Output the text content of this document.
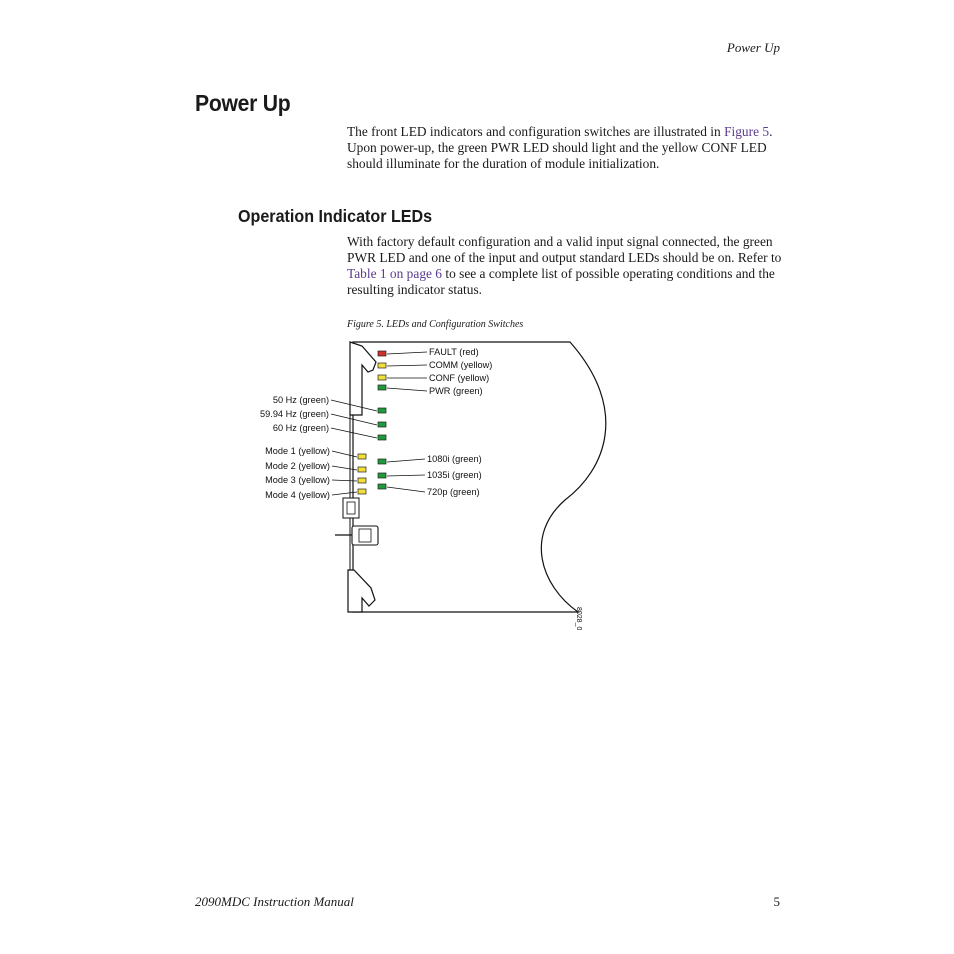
Power Up
Power Up

The front LED indicators and configuration switches are illustrated in Figure 5. Upon power-up, the green PWR LED should light and the yellow CONF LED should illuminate for the duration of module initialization.

Operation Indicator LEDs

With factory default configuration and a valid input signal connected, the green PWR LED and one of the input and output standard LEDs should be on. Refer to Table 1 on page 6 to see a complete list of possible operating conditions and the resulting indicator status.

Figure 5. LEDs and Configuration Switches

8028_01
FAULT (red)
COMM (yellow)
CONF (yellow)
PWR (green)
50 Hz (green)
59.94 Hz (green)
60 Hz (green)
Mode 1 (yellow)
Mode 2 (yellow)
Mode 3 (yellow)
Mode 4 (yellow)
1080i (green)
1035i (green)
720p (green)
2090MDC Instruction Manual	5
